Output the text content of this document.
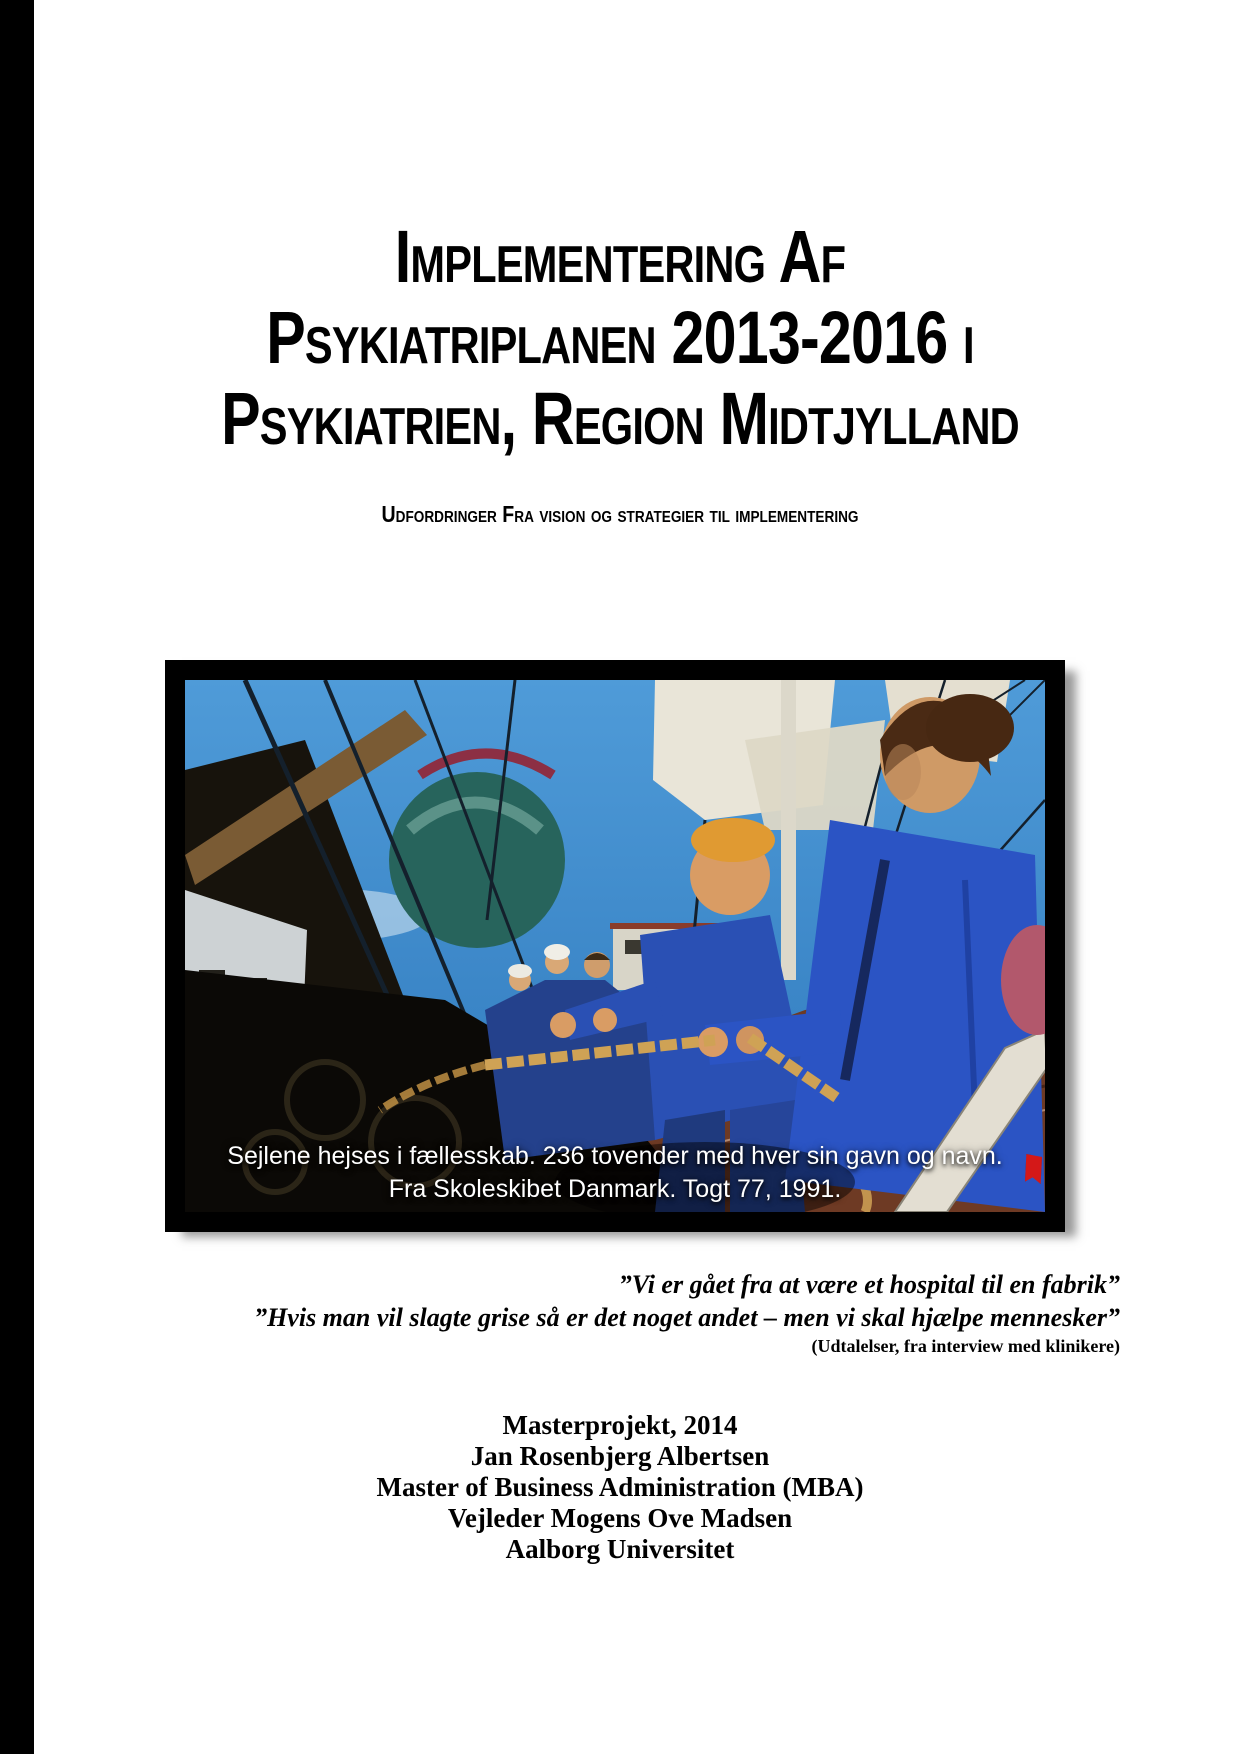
Implementering Af
Psykiatriplanen 2013-2016 i
Psykiatrien, Region Midtjylland
Udfordringer Fra vision og strategier til implementering
Sejlene hejses i fællesskab. 236 tovender med hver sin gavn og navn.
Fra Skoleskibet Danmark. Togt 77, 1991.
”Vi er gået fra at være et hospital til en fabrik”
”Hvis man vil slagte grise så er det noget andet – men vi skal hjælpe mennesker”
(Udtalelser, fra interview med klinikere)
Masterprojekt, 2014
Jan Rosenbjerg Albertsen
Master of Business Administration (MBA)
Vejleder Mogens Ove Madsen
Aalborg Universitet
